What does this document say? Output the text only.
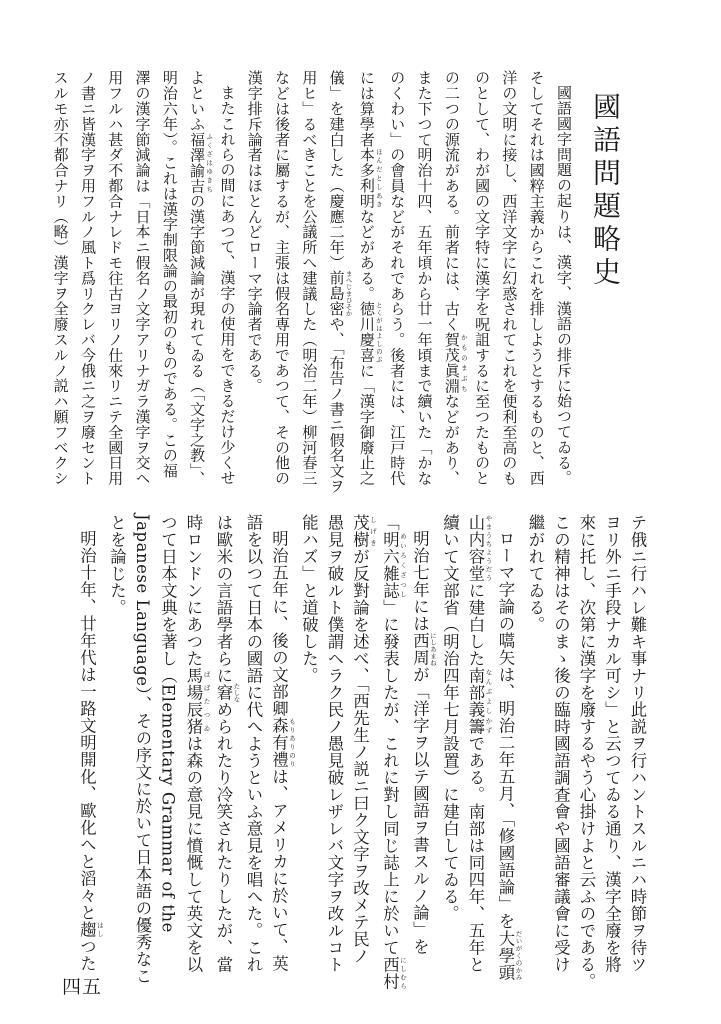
國語問題略史
國語國字問題の起りは、漢字、漢語の排斥に始つてゐる。
そしてそれは國粹主義からこれを排しようとするものと、西
洋の文明に接し、西洋文字に幻惑されてこれを便利至高のも
のとして、わが國の文字特に漢字を呪詛するに至つたものと
の二つの源流がある。前者には、古く賀茂眞淵 かものまぶちなどがあり、
また下つて明治十四、五年頃から廿一年頃まで續いた「かな
のくわい」の會員などがそれであらう。後者には、江戸時代
には算學者本多利明 ほんだとしあきなどがある。徳川慶喜 とくがはよしのぶに「漢字御廢止之
儀」を建白した（慶應二年）前島密 まへじまひそかや、「布告ノ書ニ假名文ヲ
用ヒ」るべきことを公議所へ建議した（明治二年）柳河春三
などは後者に屬するが、主張は假名専用であつて、その他の
漢字排斥論者はほとんどローマ字論者である。
またこれらの間にあつて、漢字の使用をできるだけ少くせ
よといふ福澤諭吉 ふくざはゆきちの漢字節減論が現れてゐる（「文字之教」、
明治六年）。これは漢字制限論の最初のものである。この福
澤の漢字節減論は「日本ニ假名ノ文字アリナガラ漢字ヲ交ヘ
用フルハ甚ダ不都合ナレドモ往古ヨリノ仕來リニテ全國日用
ノ書ニ皆漢字ヲ用フルノ風ト爲リクレバ今俄ニ之ヲ廢セント
スルモ亦不都合ナリ（略）漢字ヲ全廢スルノ説ハ願フベクシ
テ俄ニ行ハレ難キ事ナリ此説ヲ行ハントスルニハ時節ヲ待ツ
ヨリ外ニ手段ナカル可シ」と云つてゐる通り、漢字全廢を將
來に托し、次第に漢字を廢するやう心掛けよと云ふのである。
この精神はそのまゝ後の臨時國語調査會や國語審議會に受け
繼がれてゐる。
ローマ字論の嚆矢は、明治二年五月、「修國語論」を大學頭 だいがくのかみ
山内容堂 やまうちようだうに建白した南部義籌 なんぶよしかずである。南部は同四年、五年と
續いて文部省（明治四年七月設置）に建白してゐる。
明治七年には西周 にしあまねが「洋字ヲ以テ國語ヲ書スルノ論」を
「明六雑誌 めいろくざつし」に發表したが、これに對し同じ誌上に於いて西村 にしむら
茂樹 しげきが反對論を述べ、「西先生ノ説ニ曰ク文字ヲ改メテ民ノ
愚見ヲ破ルト僕謂ヘラク民ノ愚見破レザレバ文字ヲ改ルコト
能ハズ」と道破した。
明治五年に、後の文部卿森有禮 もりありのりは、アメリカに於いて、英
語を以つて日本の國語に代へようといふ意見を唱へた。これ
は歐米の言語學者らに窘 たしなめられたり冷笑されたりしたが、當
時ロンドンにあつた馬場辰猪 ばばたつゐは森の意見に憤慨して英文を以
つて日本文典を著し（Elementary Grammar of the
Japanese Language）、その序文に於いて日本語の優秀なこ
とを論じた。
明治十年、廿年代は一路文明開化、歐化へと滔々と趨 はしつた
四五
